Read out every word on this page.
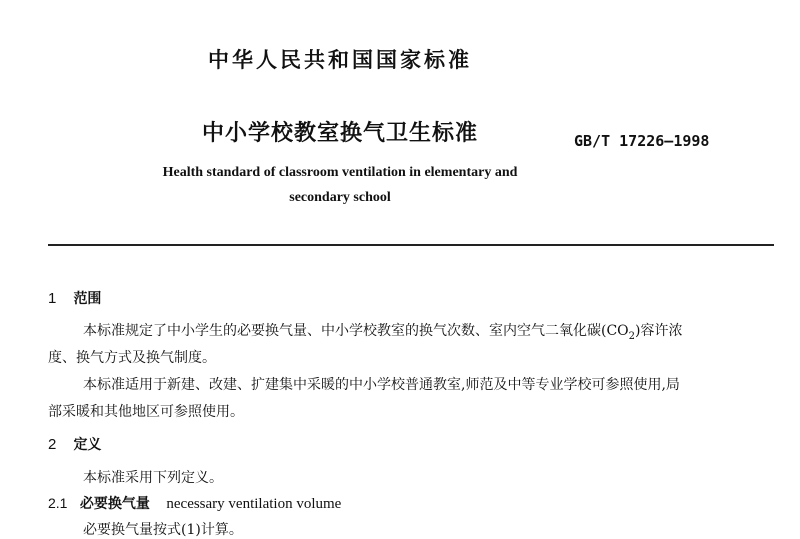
中华人民共和国国家标准
中小学校教室换气卫生标准	GB/T 17226—1998
Health standard of classroom ventilation in elementary and
secondary school
1 范围
本标准规定了中小学生的必要换气量、中小学校教室的换气次数、室内空气二氧化碳$(CO_2)$容许浓
度、换气方式及换气制度。
本标准适用于新建、改建、扩建集中采暖的中小学校普通教室,师范及中等专业学校可参照使用,局
部采暖和其他地区可参照使用。
2 定义
本标准采用下列定义。
2.1 必要换气量 necessary ventilation volume
必要换气量按式(1)计算。
